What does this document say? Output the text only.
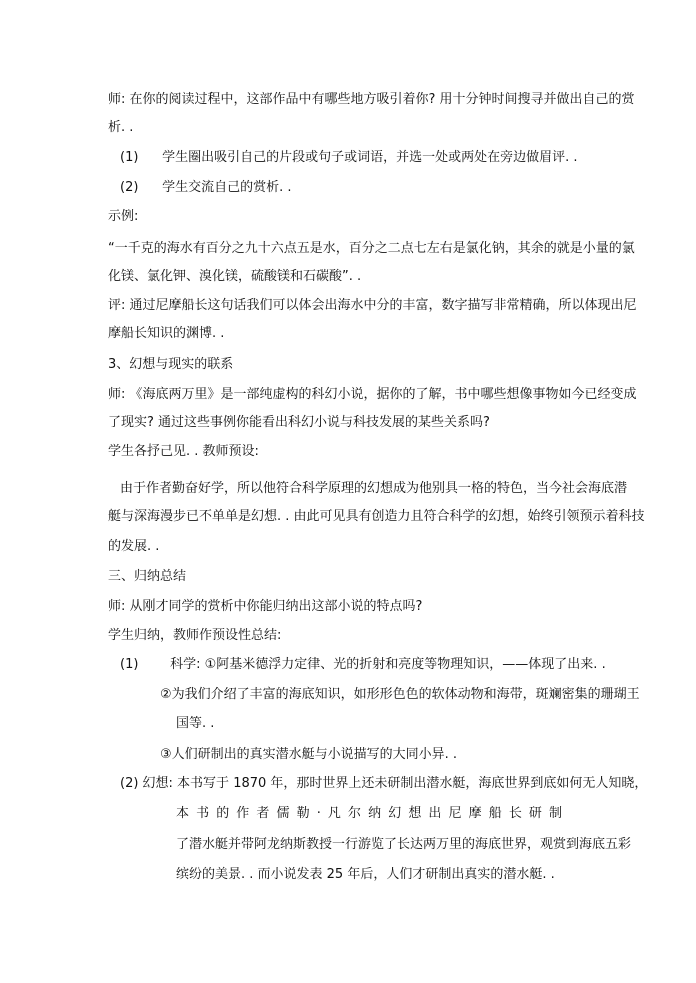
师: 在你的阅读过程中，这部作品中有哪些地方吸引着你? 用十分钟时间搜寻并做出自己的赏
析. .
(1) 学生圈出吸引自己的片段或句子或词语，并选一处或两处在旁边做眉评. .
(2) 学生交流自己的赏析. .
示例:
“一千克的海水有百分之九十六点五是水，百分之二点七左右是氯化钠，其余的就是小量的氯
化镁、氯化钾、溴化镁，硫酸镁和石碳酸”. .
评: 通过尼摩船长这句话我们可以体会出海水中分的丰富，数字描写非常精确，所以体现出尼
摩船长知识的渊博. .
3、幻想与现实的联系
师: 《海底两万里》是一部纯虚构的科幻小说，据你的了解，书中哪些想像事物如今已经变成
了现实? 通过这些事例你能看出科幻小说与科技发展的某些关系吗?
学生各抒己见. . 教师预设:
由于作者勤奋好学，所以他符合科学原理的幻想成为他别具一格的特色，当今社会海底潜
艇与深海漫步已不单单是幻想. . 由此可见具有创造力且符合科学的幻想，始终引领预示着科技
的发展. .
三、归纳总结
师: 从刚才同学的赏析中你能归纳出这部小说的特点吗?
学生归纳，教师作预设性总结:
(1) 科学: ①阿基米德浮力定律、光的折射和亮度等物理知识，——体现了出来. .
②为我们介绍了丰富的海底知识，如形形色色的软体动物和海带，斑斓密集的珊瑚王
国等. .
③人们研制出的真实潜水艇与小说描写的大同小异. .
(2) 幻想: 本书写于 1870 年，那时世界上还未研制出潜水艇，海底世界到底如何无人知晓，
本书的作者儒勒·凡尔纳幻想出尼摩船长研制
了潜水艇并带阿龙纳斯教授一行游览了长达两万里的海底世界，观赏到海底五彩
缤纷的美景. . 而小说发表 25 年后，人们才研制出真实的潜水艇. .
